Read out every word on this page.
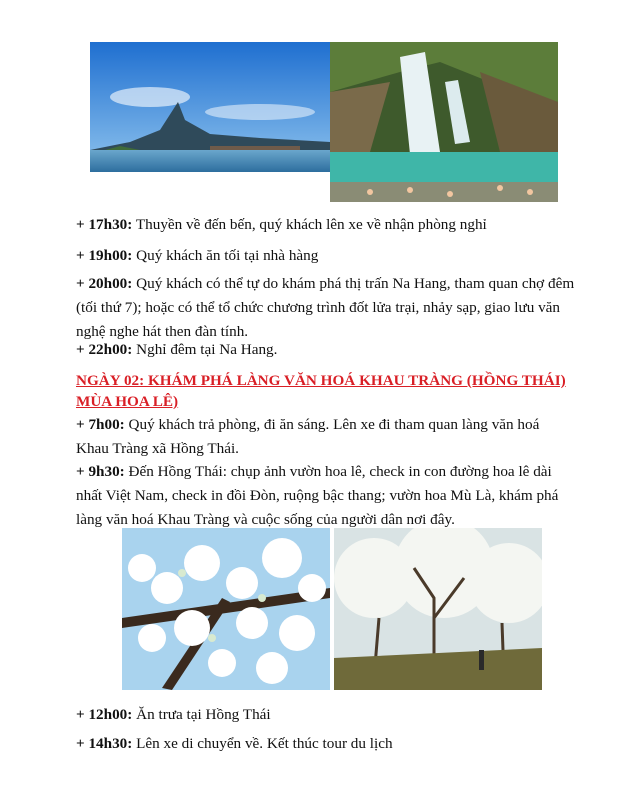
+ 17h30: Thuyền về đến bến, quý khách lên xe về nhận phòng nghỉ

+ 19h00: Quý khách ăn tối tại nhà hàng

+ 20h00: Quý khách có thể tự do khám phá thị trấn Na Hang, tham quan chợ đêm (tối thứ 7); hoặc có thể tổ chức chương trình đốt lửa trại, nhảy sạp, giao lưu văn nghệ nghe hát then đàn tính.

+ 22h00: Nghỉ đêm tại Na Hang.

NGÀY 02: KHÁM PHÁ LÀNG VĂN HOÁ KHAU TRÀNG (HỒNG THÁI) MÙA HOA LÊ)

+ 7h00: Quý khách trả phòng, đi ăn sáng. Lên xe đi tham quan làng văn hoá Khau Tràng xã Hồng Thái.

+ 9h30: Đến Hồng Thái: chụp ảnh vườn hoa lê, check in con đường hoa lê dài nhất Việt Nam, check in đồi Đòn, ruộng bậc thang; vườn hoa Mù Là, khám phá làng văn hoá Khau Tràng và cuộc sống của người dân nơi đây.

+ 12h00: Ăn trưa tại Hồng Thái

+ 14h30: Lên xe di chuyển về. Kết thúc tour du lịch
